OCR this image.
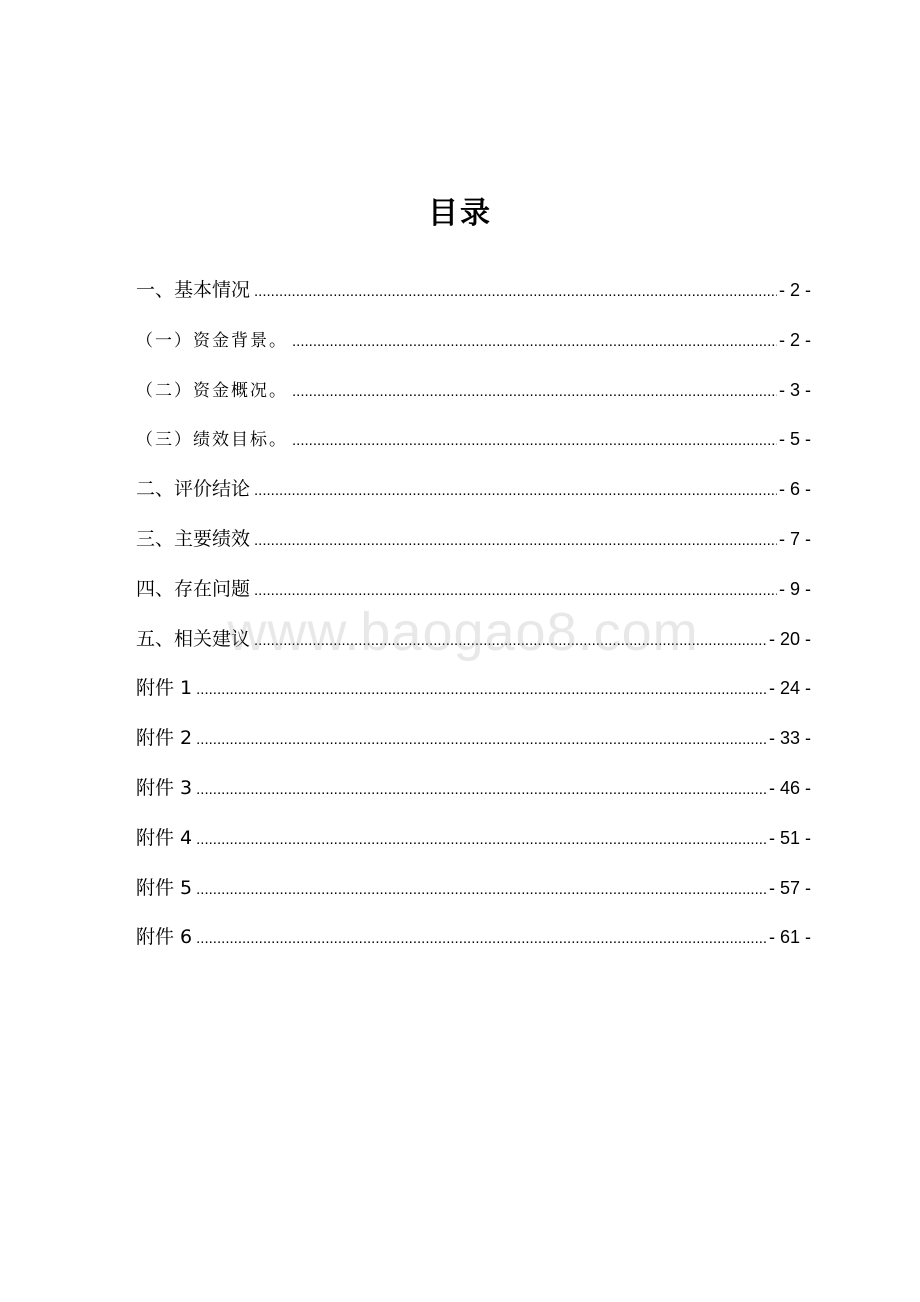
目录
一、基本情况 .....	- 2 -
（一）资金背景。 .....	- 2 -
（二）资金概况。 .....	- 3 -
（三）绩效目标。 .....	- 5 -
二、评价结论 .....	- 6 -
三、主要绩效 .....	- 7 -
四、存在问题 .....	- 9 -
五、相关建议 .....	- 20 -
附件 1 .....	- 24 -
附件 2 .....	- 33 -
附件 3 .....	- 46 -
附件 4 .....	- 51 -
附件 5 .....	- 57 -
附件 6 .....	- 61 -
www.baogao8.com
